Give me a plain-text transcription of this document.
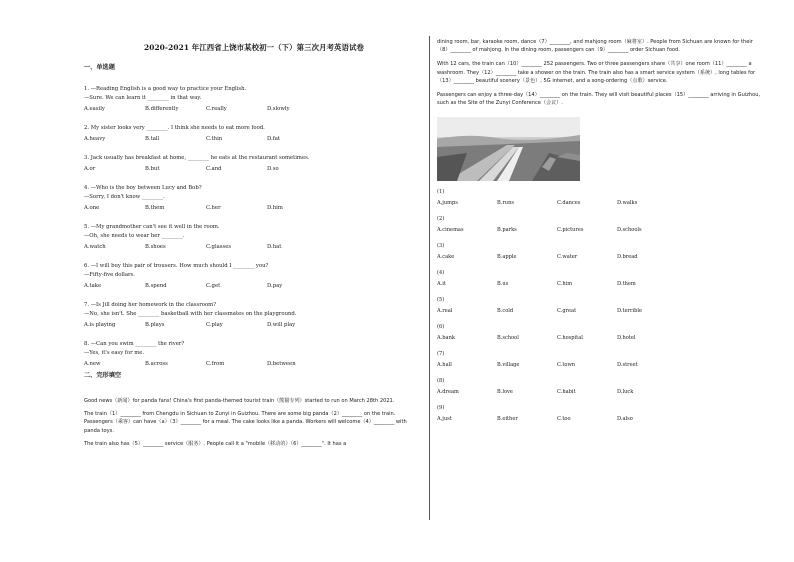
2020-2021 年江西省上饶市某校初一（下）第三次月考英语试卷
一、单选题
1. —Reading English is a good way to practice your English.
—Sure. We can learn it ________ in that way.
A.easily	B.differently	C.really	D.slowly
2. My sister looks very ________. I think she needs to eat more food.
A.heavy	B.tall	C.thin	D.fat
3. Jack usually has breakfast at home, ________ he eats at the restaurant sometimes.
A.or	B.but	C.and	D.so
4. —Who is the boy between Lucy and Bob?
—Sorry, I don't know ________.
A.one	B.them	C.her	D.him
5. —My grandmother can't see it well in the room.
—Oh, she needs to wear her ________.
A.watch	B.shoes	C.glasses	D.hat
6. —I will buy this pair of trousers. How much should I ________ you?
—Fifty-five dollars.
A.take	B.spend	C.get	D.pay
7. —Is Jill doing her homework in the classroom?
—No, she isn't. She ________ basketball with her classmates on the playground.
A.is playing	B.plays	C.play	D.will play
8. —Can you swim ________ the river?
—Yes, it's easy for me.
A.new	B.across	C.from	D.between
二、完形填空

Good news（新闻）for panda fans! China's first panda-themed tourist train（熊猫专列）started to run on March 28th 2021.

The train（1）________ from Chengdu in Sichuan to Zunyi in Guizhou. There are some big panda（2）________ on the train. Passengers（乘客）can have（a）（3）________ for a meal. The cake looks like a panda. Workers will welcome（4）________ with panda toys.

The train also has（5）________ service（服务）. People call it a "mobile（移动的）（6）________". It has a

dining room, bar, karaoke room, dance（7）________, and mahjong room（麻将室）. People from Sichuan are known for their（8）________ of mahjong. In the dining room, passengers can（9）________ order Sichuan food.

With 12 cars, the train can（10）________ 252 passengers. Two or three passengers share（共享）one room（11）________ a washroom. They（12）________ take a shower on the train. The train also has a smart service system（系统）, long tables for（13）________ beautiful scenery（景色）, 5G internet, and a song-ordering（点歌）service.

Passengers can enjoy a three-day（14）________ on the train. They will visit beautiful places（15）________ arriving in Guizhou, such as the Site of the Zunyi Conference（会议）.

(1)
A.jumps	B.runs	C.dances	D.walks
(2)
A.cinemas	B.parks	C.pictures	D.schools
(3)
A.cake	B.apple	C.water	D.bread
(4)
A.it	B.us	C.him	D.them
(5)
A.real	B.cold	C.great	D.terrible
(6)
A.bank	B.school	C.hospital	D.hotel
(7)
A.hall	B.village	C.town	D.street
(8)
A.dream	B.love	C.habit	D.luck
(9)
A.just	B.either	C.too	D.also
